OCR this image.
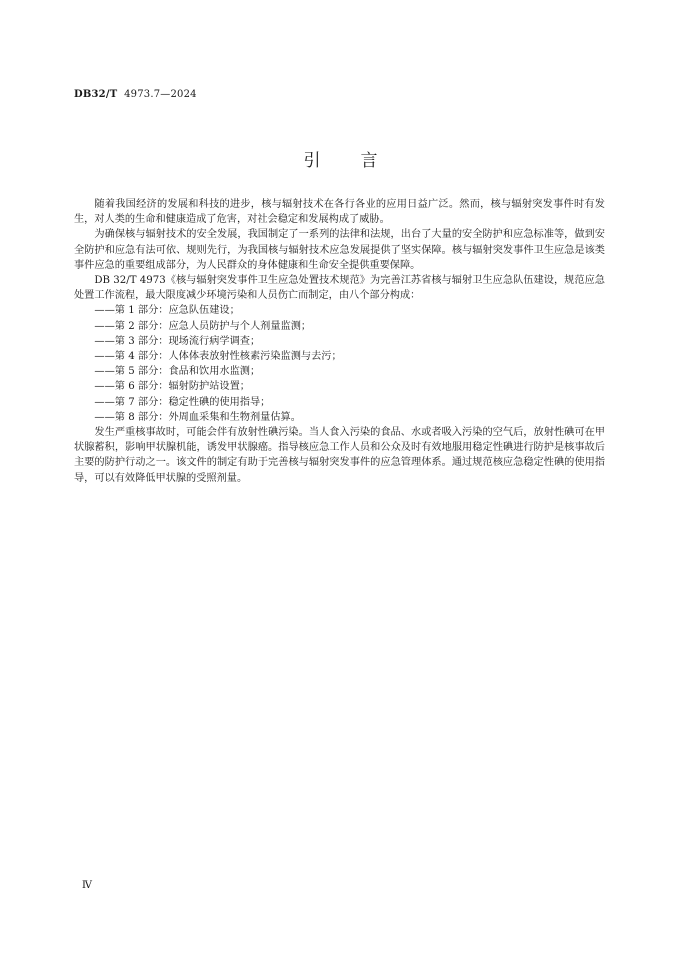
DB32/T 4973.7—2024
引言

随着我国经济的发展和科技的进步，核与辐射技术在各行各业的应用日益广泛。然而，核与辐射突发事件时有发生，对人类的生命和健康造成了危害，对社会稳定和发展构成了威胁。

为确保核与辐射技术的安全发展，我国制定了一系列的法律和法规，出台了大量的安全防护和应急标准等，做到安全防护和应急有法可依、规则先行，为我国核与辐射技术应急发展提供了坚实保障。核与辐射突发事件卫生应急是该类事件应急的重要组成部分，为人民群众的身体健康和生命安全提供重要保障。

DB 32/T 4973《核与辐射突发事件卫生应急处置技术规范》为完善江苏省核与辐射卫生应急队伍建设，规范应急处置工作流程，最大限度减少环境污染和人员伤亡而制定，由八个部分构成：

——第 1 部分：应急队伍建设；
——第 2 部分：应急人员防护与个人剂量监测；
——第 3 部分：现场流行病学调查；
——第 4 部分：人体体表放射性核素污染监测与去污；
——第 5 部分：食品和饮用水监测；
——第 6 部分：辐射防护站设置；
——第 7 部分：稳定性碘的使用指导；
——第 8 部分：外周血采集和生物剂量估算。

发生严重核事故时，可能会伴有放射性碘污染。当人食入污染的食品、水或者吸入污染的空气后，放射性碘可在甲状腺蓄积，影响甲状腺机能，诱发甲状腺癌。指导核应急工作人员和公众及时有效地服用稳定性碘进行防护是核事故后主要的防护行动之一。该文件的制定有助于完善核与辐射突发事件的应急管理体系。通过规范核应急稳定性碘的使用指导，可以有效降低甲状腺的受照剂量。

Ⅳ
